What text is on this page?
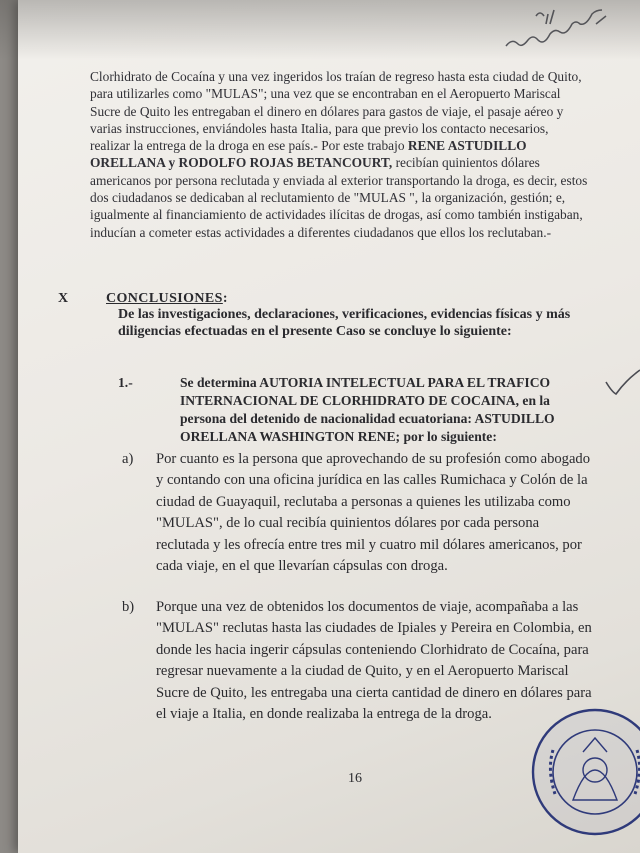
Clorhidrato de Cocaína y una vez ingeridos los traían de regreso hasta esta ciudad de Quito, para utilizarles como "MULAS"; una vez que se encontraban en el Aeropuerto Mariscal Sucre de Quito les entregaban el dinero en dólares para gastos de viaje, el pasaje aéreo y varias instrucciones, enviándoles hasta Italia, para que previo los contacto necesarios, realizar la entrega de la droga en ese país.- Por este trabajo RENE ASTUDILLO ORELLANA y RODOLFO ROJAS BETANCOURT, recibían quinientos dólares americanos por persona reclutada y enviada al exterior transportando la droga, es decir, estos dos ciudadanos se dedicaban al reclutamiento de "MULAS ", la organización, gestión; e, igualmente al financiamiento de actividades ilícitas de drogas, así como también instigaban, inducían a cometer estas actividades a diferentes ciudadanos que ellos los reclutaban.-

X	CONCLUSIONES:
De las investigaciones, declaraciones, verificaciones, evidencias físicas y más diligencias efectuadas en el presente Caso se concluye lo siguiente:
1.-	Se determina AUTORIA INTELECTUAL PARA EL TRAFICO INTERNACIONAL DE CLORHIDRATO DE COCAINA, en la persona del detenido de nacionalidad ecuatoriana: ASTUDILLO ORELLANA WASHINGTON RENE; por lo siguiente:
a)	Por cuanto es la persona que aprovechando de su profesión como abogado y contando con una oficina jurídica en las calles Rumichaca y Colón de la ciudad de Guayaquil, reclutaba a personas a quienes les utilizaba como "MULAS", de lo cual recibía quinientos dólares por cada persona reclutada y les ofrecía entre tres mil y cuatro mil dólares americanos, por cada viaje, en el que llevarían cápsulas con droga.
b)	Porque una vez de obtenidos los documentos de viaje, acompañaba a las "MULAS" reclutas hasta las ciudades de Ipiales y Pereira en Colombia, en donde les hacia ingerir cápsulas conteniendo Clorhidrato de Cocaína, para regresar nuevamente a la ciudad de Quito, y en el Aeropuerto Mariscal Sucre de Quito, les entregaba una cierta cantidad de dinero en dólares para el viaje a Italia, en donde realizaba la entrega de la droga.
16
